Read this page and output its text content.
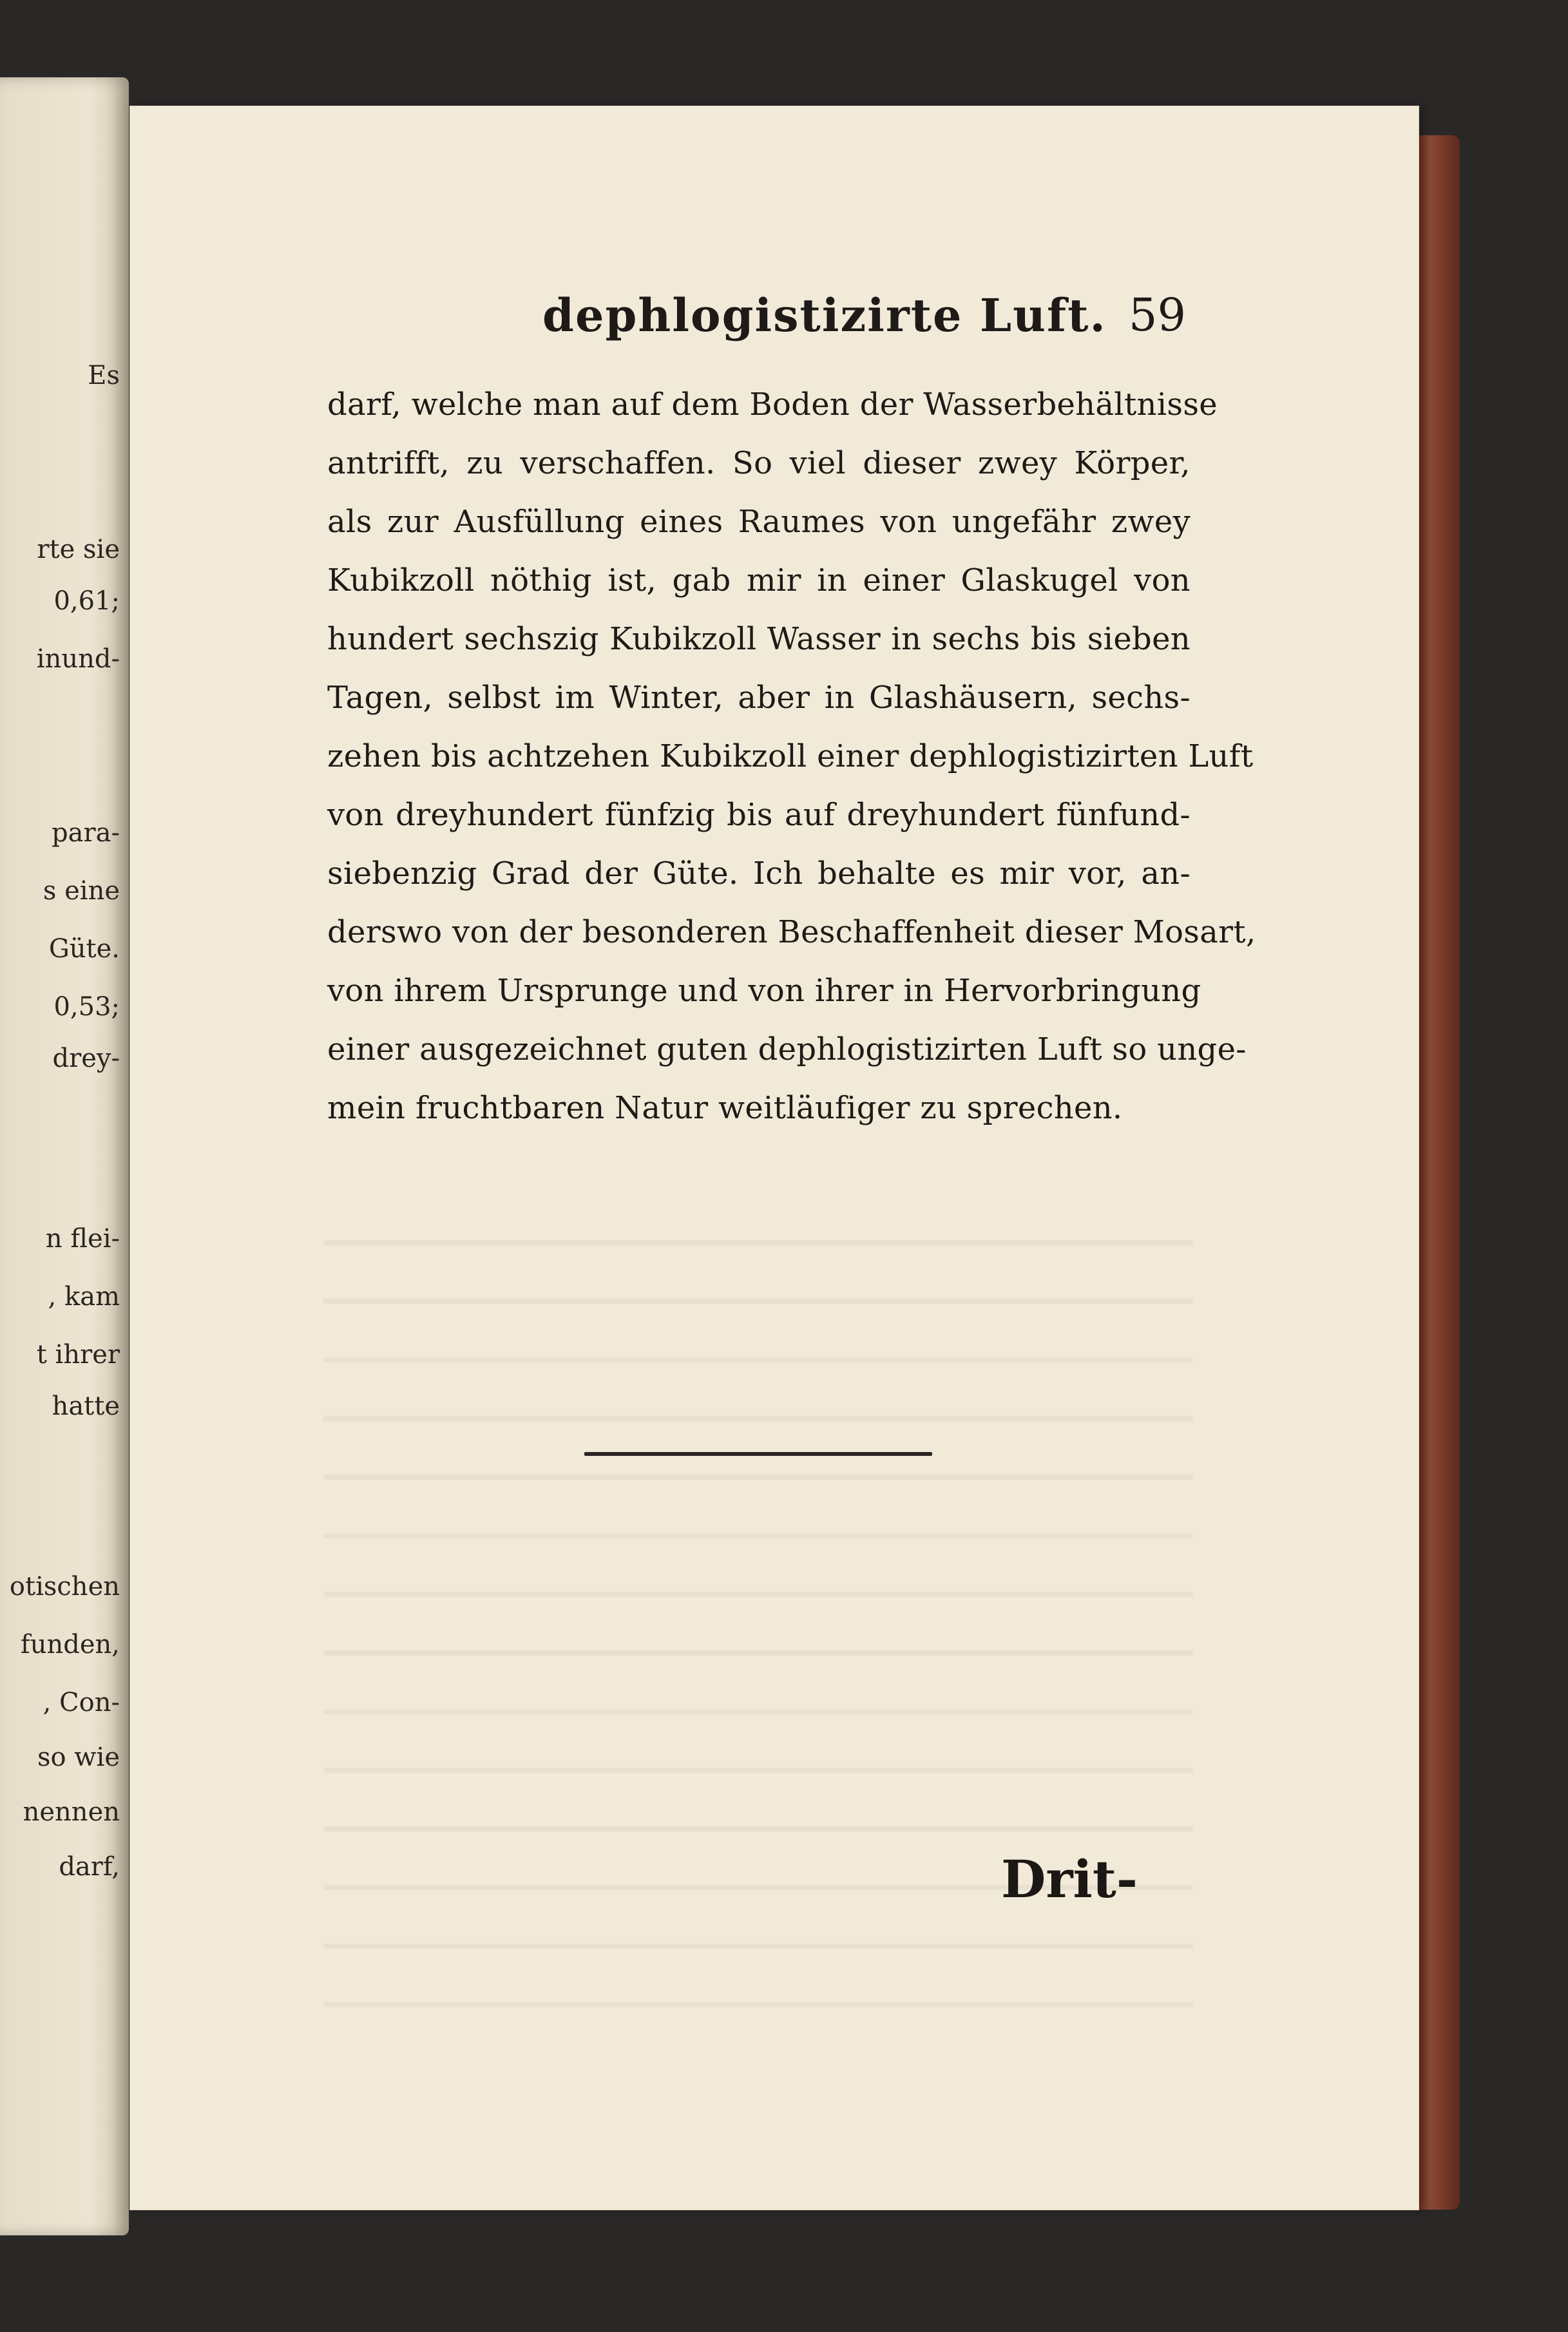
Es
rte sie
0,61;
inund-
para-
s eine
Güte.
0,53;
drey-
n flei-
, kam
t ihrer
hatte
otischen
funden,
, Con-
so wie
nennen
darf,
dephlogistizirte Luft. 59
darf, welche man auf dem Boden der Wasserbehältnisse
antrifft, zu verschaffen. So viel dieser zwey Körper,
als zur Ausfüllung eines Raumes von ungefähr zwey
Kubikzoll nöthig ist, gab mir in einer Glaskugel von
hundert sechszig Kubikzoll Wasser in sechs bis sieben
Tagen, selbst im Winter, aber in Glashäusern, sechs-
zehen bis achtzehen Kubikzoll einer dephlogistizirten Luft
von dreyhundert fünfzig bis auf dreyhundert fünfund-
siebenzig Grad der Güte. Ich behalte es mir vor, an-
derswo von der besonderen Beschaffenheit dieser Mosart,
von ihrem Ursprunge und von ihrer in Hervorbringung
einer ausgezeichnet guten dephlogistizirten Luft so unge-
mein fruchtbaren Natur weitläufiger zu sprechen.
Drit-
